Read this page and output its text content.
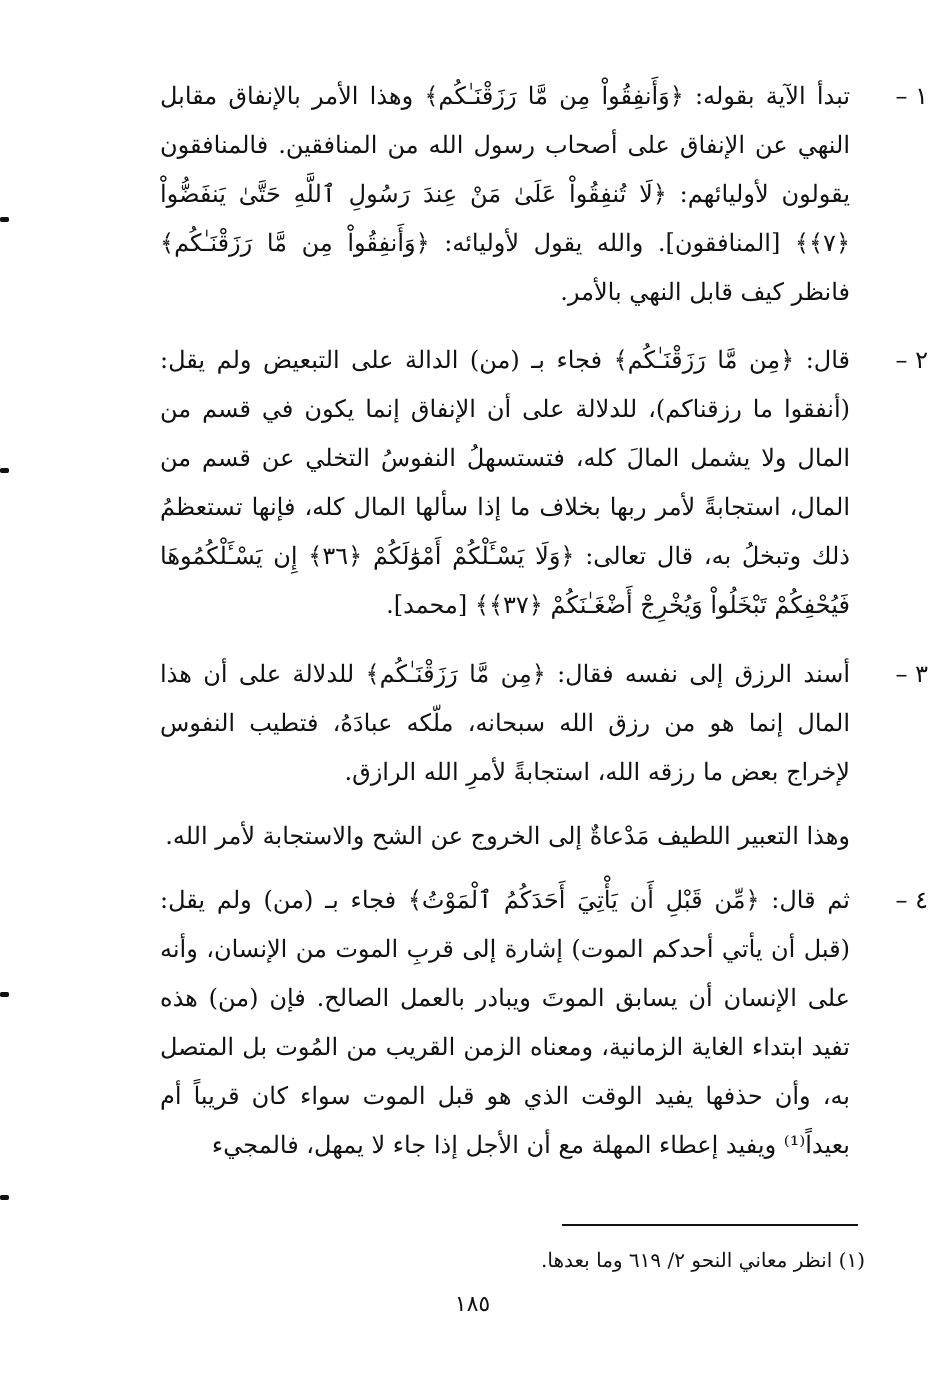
١ –
تبدأ الآية بقوله: ﴿وَأَنفِقُواْ مِن مَّا رَزَقْنَـٰكُم﴾ وهذا الأمر بالإنفاق مقابل النهي عن الإنفاق على أصحاب رسول الله من المنافقين. فالمنافقون يقولون لأوليائهم: ﴿لَا تُنفِقُواْ عَلَىٰ مَنْ عِندَ رَسُولِ ٱللَّهِ حَتَّىٰ يَنفَضُّواْ ﴿٧﴾﴾ [المنافقون]. والله يقول لأوليائه: ﴿وَأَنفِقُواْ مِن مَّا رَزَقْنَـٰكُم﴾ فانظر كيف قابل النهي بالأمر.
٢ –
قال: ﴿مِن مَّا رَزَقْنَـٰكُم﴾ فجاء بـ (من) الدالة على التبعيض ولم يقل: (أنفقوا ما رزقناكم)، للدلالة على أن الإنفاق إنما يكون في قسم من المال ولا يشمل المالَ كله، فتستسهلُ النفوسُ التخلي عن قسم من المال، استجابةً لأمر ربها بخلاف ما إذا سألها المال كله، فإنها تستعظمُ ذلك وتبخلُ به، قال تعالى: ﴿وَلَا يَسْـَٔلْكُمْ أَمْوَٰلَكُمْ ﴿٣٦﴾ إِن يَسْـَٔلْكُمُوهَا فَيُحْفِكُمْ تَبْخَلُواْ وَيُخْرِجْ أَضْغَـٰنَكُمْ ﴿٣٧﴾﴾ [محمد].
٣ –
أسند الرزق إلى نفسه فقال: ﴿مِن مَّا رَزَقْنَـٰكُم﴾ للدلالة على أن هذا المال إنما هو من رزق الله سبحانه، ملّكه عبادَهُ، فتطيب النفوس لإخراج بعض ما رزقه الله، استجابةً لأمرِ الله الرازق.
وهذا التعبير اللطيف مَدْعاةٌ إلى الخروج عن الشح والاستجابة لأمر الله.
٤ –
ثم قال: ﴿مِّن قَبْلِ أَن يَأْتِيَ أَحَدَكُمُ ٱلْمَوْتُ﴾ فجاء بـ (من) ولم يقل: (قبل أن يأتي أحدكم الموت) إشارة إلى قربِ الموت من الإنسان، وأنه على الإنسان أن يسابق الموتَ ويبادر بالعمل الصالح. فإن (من) هذه تفيد ابتداء الغاية الزمانية، ومعناه الزمن القريب من المُوت بل المتصل به، وأن حذفها يفيد الوقت الذي هو قبل الموت سواء كان قريباً أم بعيداً⁽¹⁾ ويفيد إعطاء المهلة مع أن الأجل إذا جاء لا يمهل، فالمجيء
(١) انظر معاني النحو ٢/ ٦١٩ وما بعدها.
١٨٥
